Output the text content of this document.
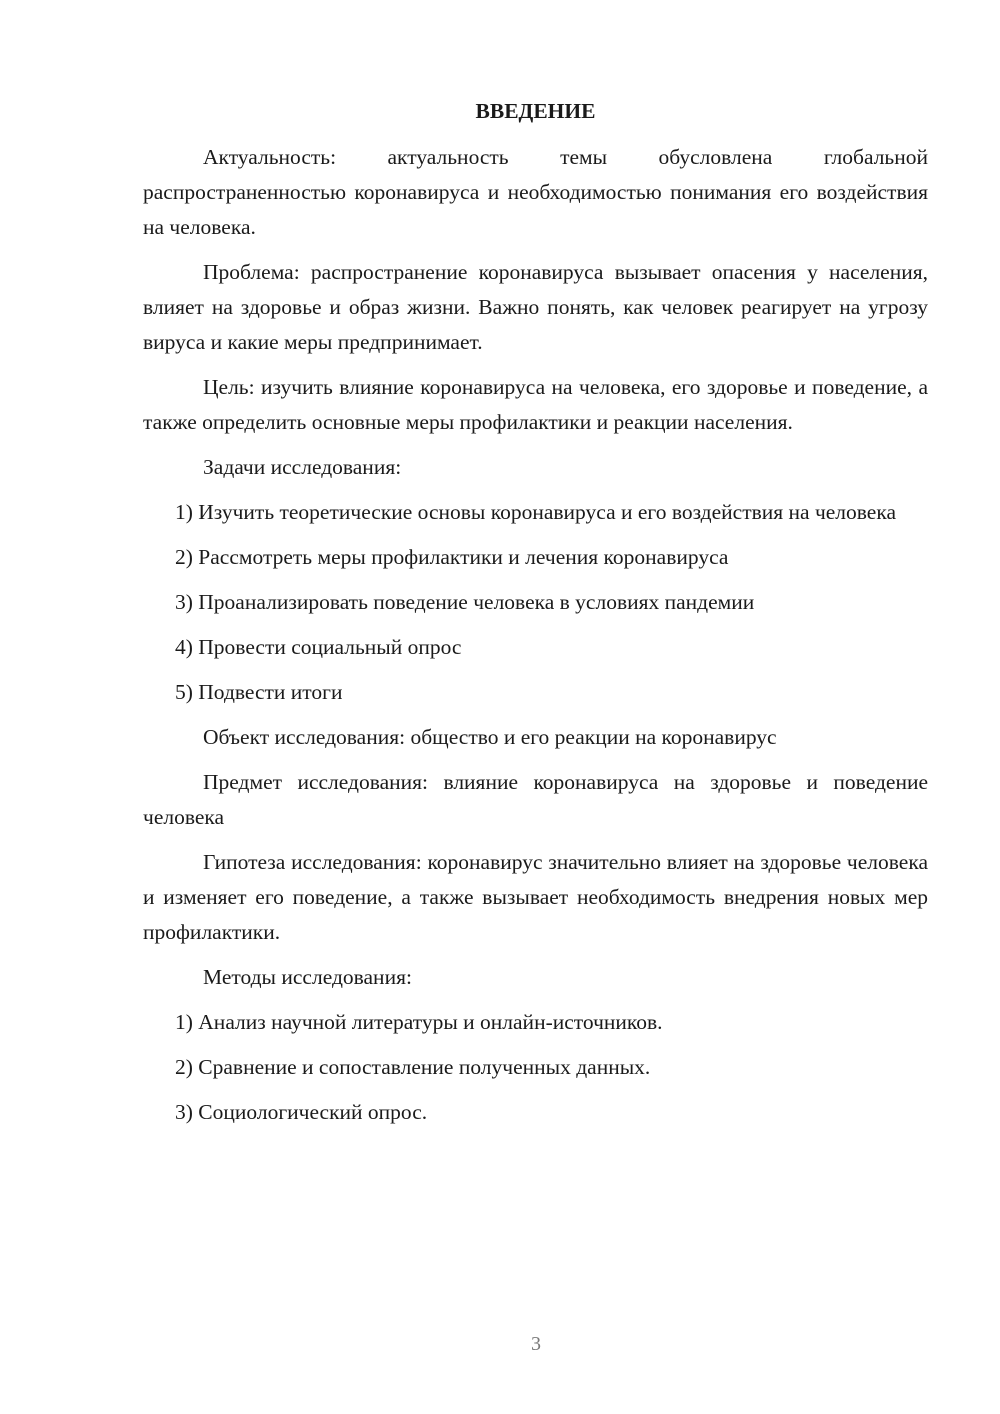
ВВЕДЕНИЕ

Актуальность: актуальность темы обусловлена глобальной распространенностью коронавируса и необходимостью понимания его воздействия на человека.

Проблема: распространение коронавируса вызывает опасения у населения, влияет на здоровье и образ жизни. Важно понять, как человек реагирует на угрозу вируса и какие меры предпринимает.

Цель: изучить влияние коронавируса на человека, его здоровье и поведение, а также определить основные меры профилактики и реакции населения.

Задачи исследования:

1) Изучить теоретические основы коронавируса и его воздействия на человека

2) Рассмотреть меры профилактики и лечения коронавируса

3) Проанализировать поведение человека в условиях пандемии

4) Провести социальный опрос

5) Подвести итоги

Объект исследования: общество и его реакции на коронавирус

Предмет исследования: влияние коронавируса на здоровье и поведение человека

Гипотеза исследования: коронавирус значительно влияет на здоровье человека и изменяет его поведение, а также вызывает необходимость внедрения новых мер профилактики.

Методы исследования:

1) Анализ научной литературы и онлайн-источников.

2) Сравнение и сопоставление полученных данных.

3) Социологический опрос.

3
